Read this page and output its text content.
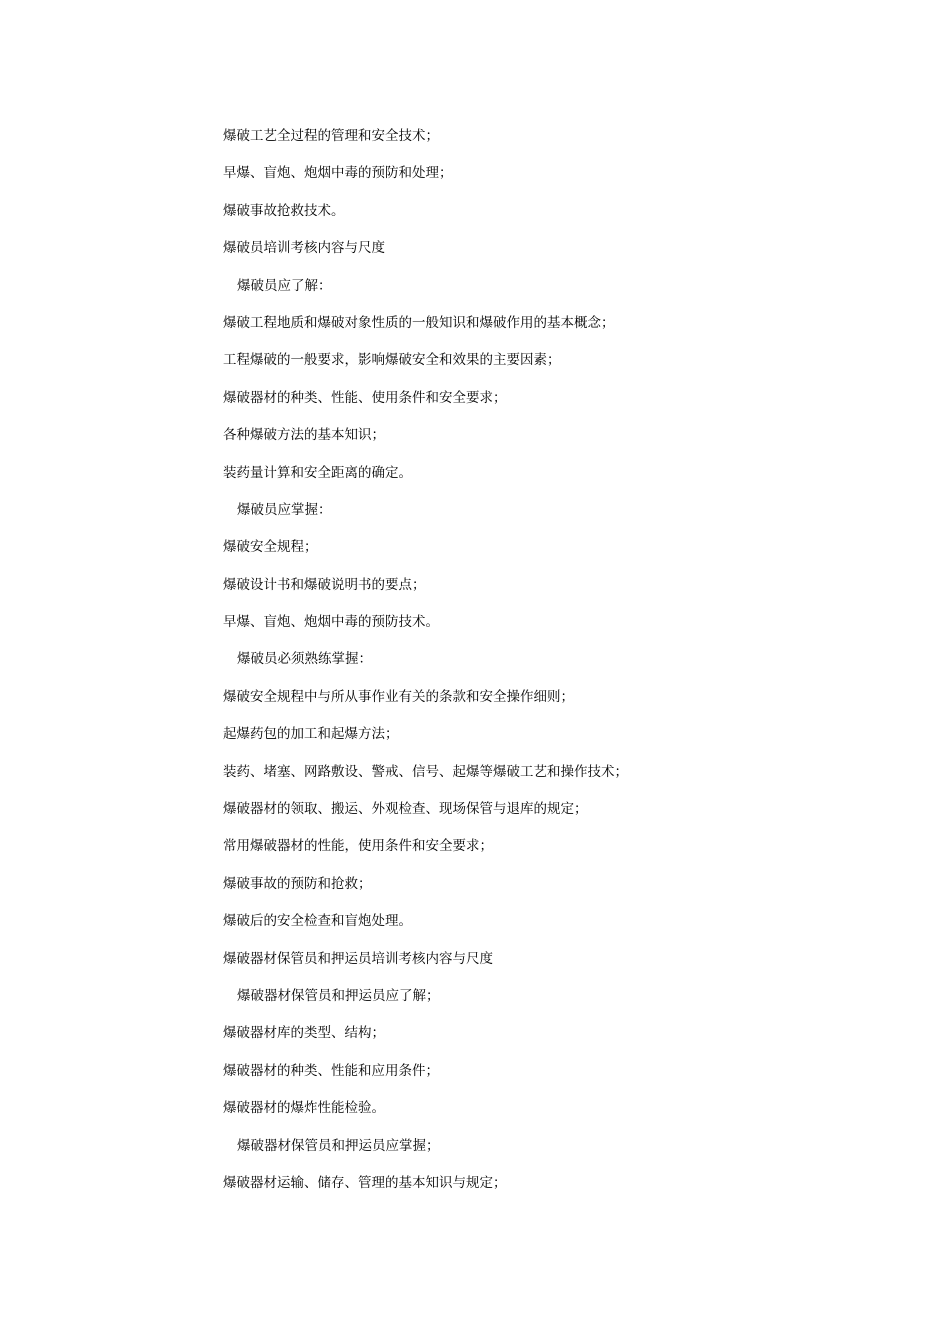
爆破工艺全过程的管理和安全技术；
早爆、盲炮、炮烟中毒的预防和处理；
爆破事故抢救技术。
爆破员培训考核内容与尺度
爆破员应了解：
爆破工程地质和爆破对象性质的一般知识和爆破作用的基本概念；
工程爆破的一般要求，影响爆破安全和效果的主要因素；
爆破器材的种类、性能、使用条件和安全要求；
各种爆破方法的基本知识；
装药量计算和安全距离的确定。
爆破员应掌握：
爆破安全规程；
爆破设计书和爆破说明书的要点；
早爆、盲炮、炮烟中毒的预防技术。
爆破员必须熟练掌握：
爆破安全规程中与所从事作业有关的条款和安全操作细则；
起爆药包的加工和起爆方法；
装药、堵塞、网路敷设、警戒、信号、起爆等爆破工艺和操作技术；
爆破器材的领取、搬运、外观检查、现场保管与退库的规定；
常用爆破器材的性能，使用条件和安全要求；
爆破事故的预防和抢救；
爆破后的安全检查和盲炮处理。
爆破器材保管员和押运员培训考核内容与尺度
爆破器材保管员和押运员应了解；
爆破器材库的类型、结构；
爆破器材的种类、性能和应用条件；
爆破器材的爆炸性能检验。
爆破器材保管员和押运员应掌握；
爆破器材运输、储存、管理的基本知识与规定；
